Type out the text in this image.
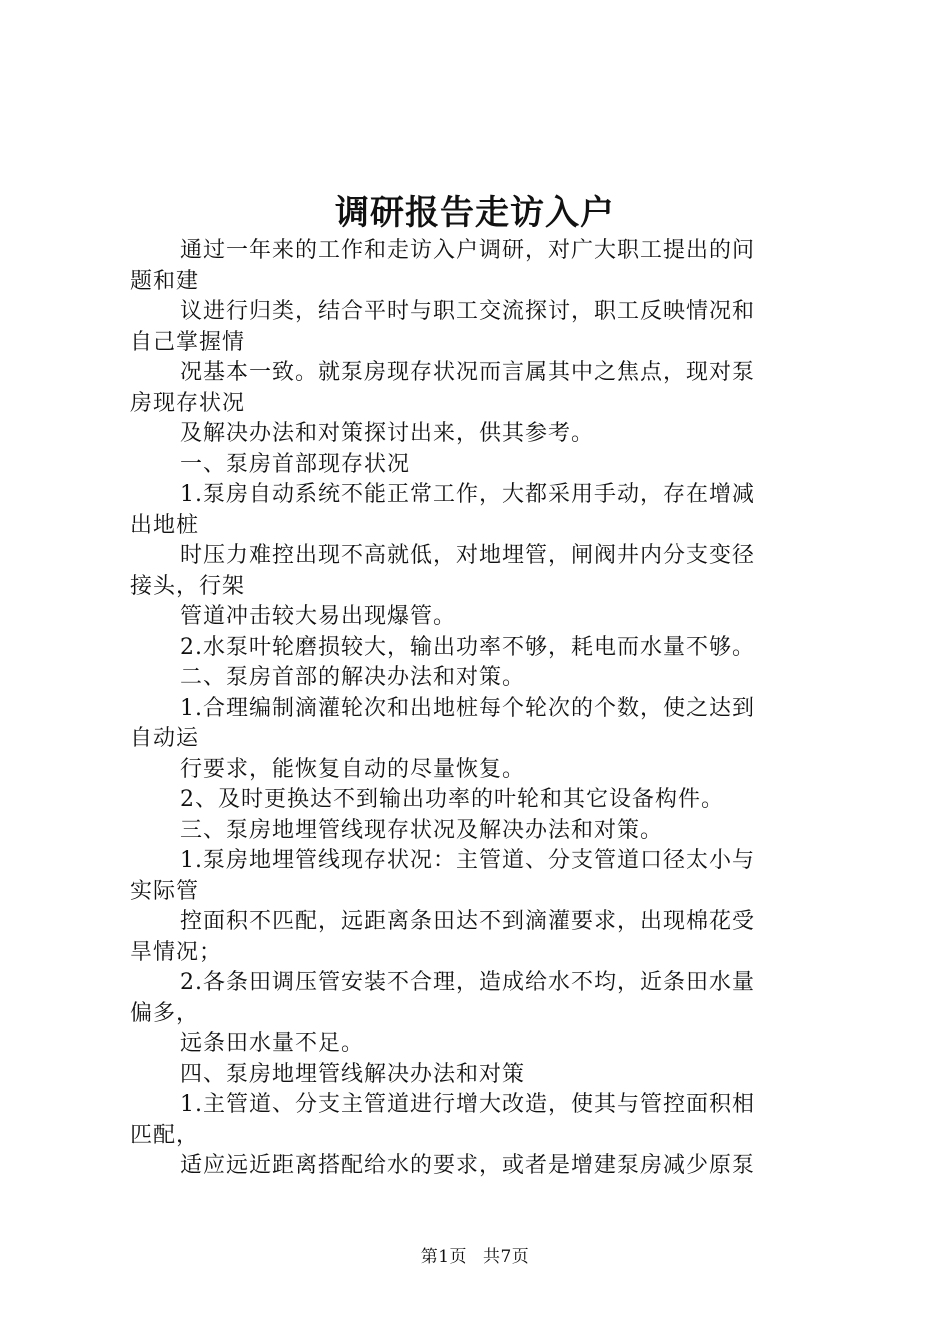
调研报告走访入户
通过一年来的工作和走访入户调研，对广大职工提出的问
题和建
议进行归类，结合平时与职工交流探讨，职工反映情况和
自己掌握情
况基本一致。就泵房现存状况而言属其中之焦点，现对泵
房现存状况
及解决办法和对策探讨出来，供其参考。
一、泵房首部现存状况
1.泵房自动系统不能正常工作，大都采用手动，存在增减
出地桩
时压力难控出现不高就低，对地埋管，闸阀井内分支变径
接头，行架
管道冲击较大易出现爆管。
2.水泵叶轮磨损较大，输出功率不够，耗电而水量不够。
二、泵房首部的解决办法和对策。
1.合理编制滴灌轮次和出地桩每个轮次的个数，使之达到
自动运
行要求，能恢复自动的尽量恢复。
2、及时更换达不到输出功率的叶轮和其它设备构件。
三、泵房地埋管线现存状况及解决办法和对策。
1.泵房地埋管线现存状况：主管道、分支管道口径太小与
实际管
控面积不匹配，远距离条田达不到滴灌要求，出现棉花受
旱情况；
2.各条田调压管安装不合理，造成给水不均，近条田水量
偏多，
远条田水量不足。
四、泵房地埋管线解决办法和对策
1.主管道、分支主管道进行增大改造，使其与管控面积相
匹配，
适应远近距离搭配给水的要求，或者是增建泵房减少原泵
第1页 共7页
